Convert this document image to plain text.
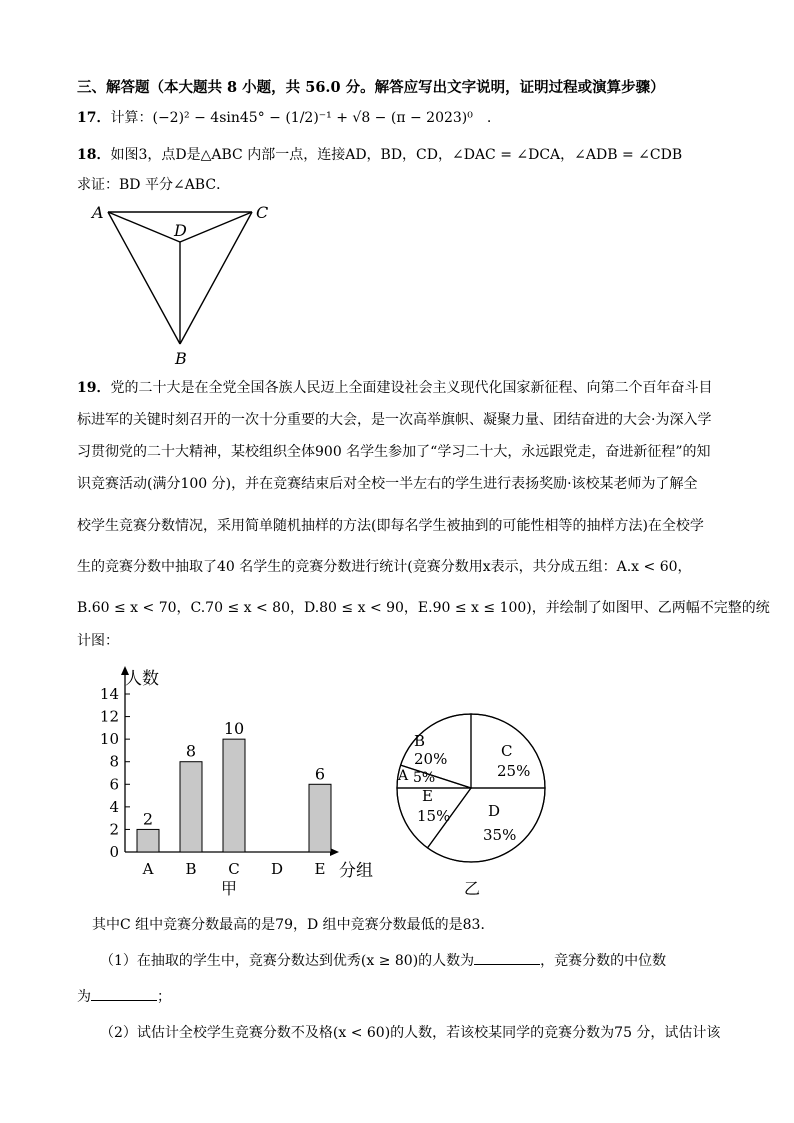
三、解答题（本大题共 8 小题，共 56.0 分。解答应写出文字说明，证明过程或演算步骤）
17．计算：(−2)² − 4sin45° − (1/2)⁻¹ + √8 − (π − 2023)⁰　.
18．如图3，点D是△ABC 内部一点，连接AD，BD，CD，∠DAC = ∠DCA，∠ADB = ∠CDB
求证：BD 平分∠ABC．
A	C
D
B
19．党的二十大是在全党全国各族人民迈上全面建设社会主义现代化国家新征程、向第二个百年奋斗目
标进军的关键时刻召开的一次十分重要的大会，是一次高举旗帜、凝聚力量、团结奋进的大会·为深入学
习贯彻党的二十大精神，某校组织全体900 名学生参加了“学习二十大，永远跟党走，奋进新征程”的知
识竞赛活动(满分100 分)，并在竞赛结束后对全校一半左右的学生进行表扬奖励·该校某老师为了解全
校学生竞赛分数情况，采用简单随机抽样的方法(即每名学生被抽到的可能性相等的抽样方法)在全校学
生的竞赛分数中抽取了40 名学生的竞赛分数进行统计(竞赛分数用x表示，共分成五组：A.x < 60，
B.60 ≤ x < 70，C.70 ≤ x < 80，D.80 ≤ x < 90，E.90 ≤ x ≤ 100)，并绘制了如图甲、乙两幅不完整的统
计图：
0
2
4
6
8
10
12
14
A
2
B
8
C
10
D E
6
人数
分组
甲
B
20%	C
25%
A 5%
E
15%	D
35%
乙
其中C 组中竞赛分数最高的是79，D 组中竞赛分数最低的是83．
（1）在抽取的学生中，竞赛分数达到优秀(x ≥ 80)的人数为	，竞赛分数的中位数
为	；
（2）试估计全校学生竞赛分数不及格(x < 60)的人数，若该校某同学的竞赛分数为75 分，试估计该
